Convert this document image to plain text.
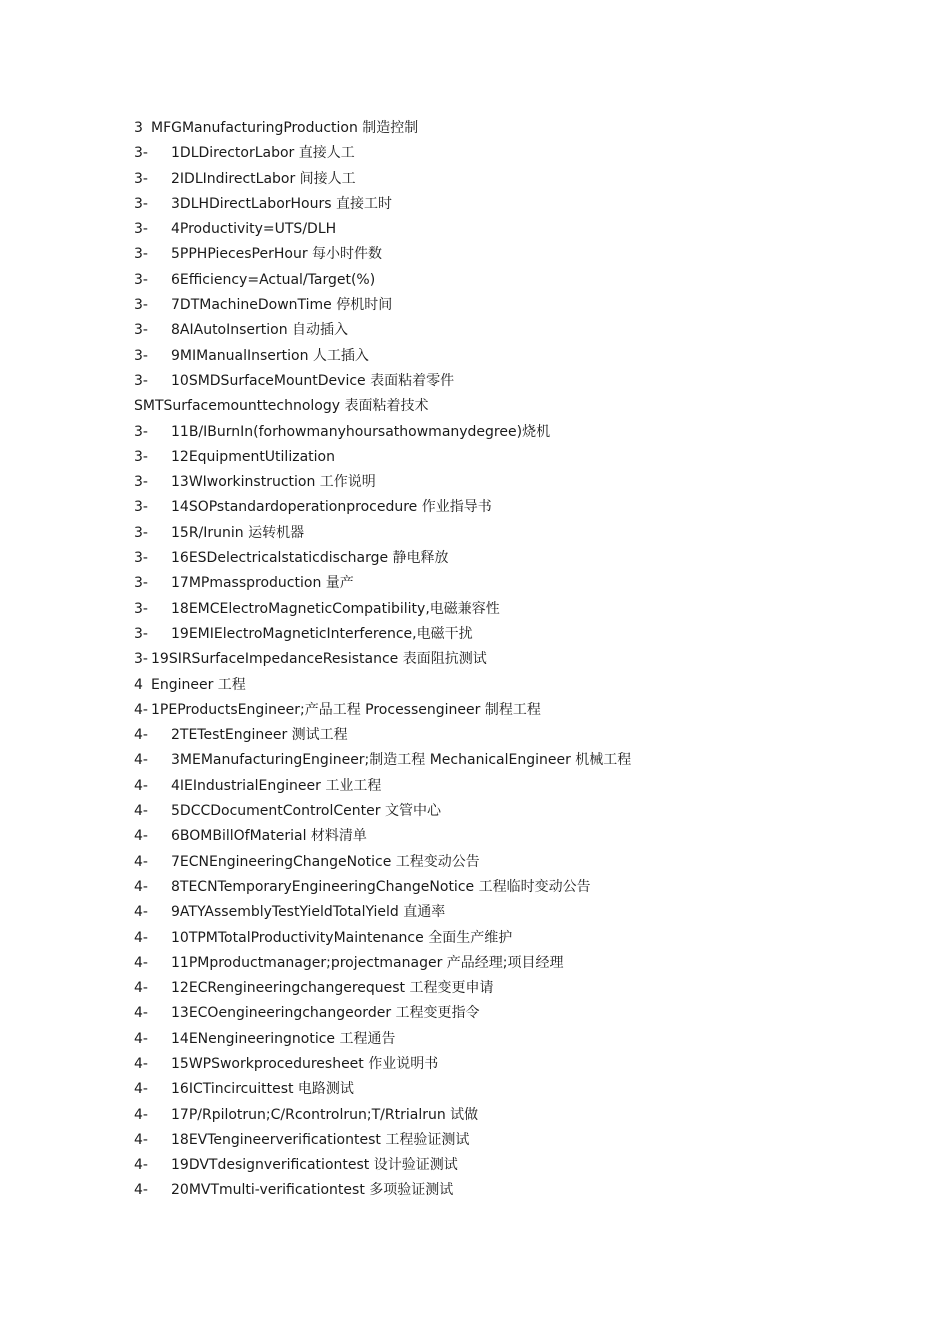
3 MFGManufacturingProduction 制造控制
3- 1DLDirectorLabor 直接人工
3- 2IDLIndirectLabor 间接人工
3- 3DLHDirectLaborHours 直接工时
3- 4Productivity=UTS/DLH
3- 5PPHPiecesPerHour 每小时件数
3- 6Efficiency=Actual/Target(%)
3- 7DTMachineDownTime 停机时间
3- 8AIAutoInsertion 自动插入
3- 9MIManualInsertion 人工插入
3- 10SMDSurfaceMountDevice 表面粘着零件
SMTSurfacemounttechnology 表面粘着技术
3- 11B/IBurnIn(forhowmanyhoursathowmanydegree)烧机
3- 12EquipmentUtilization
3- 13WIworkinstruction 工作说明
3- 14SOPstandardoperationprocedure 作业指导书
3- 15R/Irunin 运转机器
3- 16ESDelectricalstaticdischarge 静电释放
3- 17MPmassproduction 量产
3- 18EMCElectroMagneticCompatibility,电磁兼容性
3- 19EMIElectroMagneticInterference,电磁干扰
3- 19SIRSurfaceImpedanceResistance 表面阻抗测试
4 Engineer 工程
4- 1PEProductsEngineer;产品工程 Processengineer 制程工程
4- 2TETestEngineer 测试工程
4- 3MEManufacturingEngineer;制造工程 MechanicalEngineer 机械工程
4- 4IEIndustrialEngineer 工业工程
4- 5DCCDocumentControlCenter 文管中心
4- 6BOMBillOfMaterial 材料清单
4- 7ECNEngineeringChangeNotice 工程变动公告
4- 8TECNTemporaryEngineeringChangeNotice 工程临时变动公告
4- 9ATYAssemblyTestYieldTotalYield 直通率
4- 10TPMTotalProductivityMaintenance 全面生产维护
4- 11PMproductmanager;projectmanager 产品经理;项目经理
4- 12ECRengineeringchangerequest 工程变更申请
4- 13ECOengineeringchangeorder 工程变更指令
4- 14ENengineeringnotice 工程通告
4- 15WPSworkproceduresheet 作业说明书
4- 16ICTincircuittest 电路测试
4- 17P/Rpilotrun;C/Rcontrolrun;T/Rtrialrun 试做
4- 18EVTengineerverificationtest 工程验证测试
4- 19DVTdesignverificationtest 设计验证测试
4- 20MVTmulti-verificationtest 多项验证测试
